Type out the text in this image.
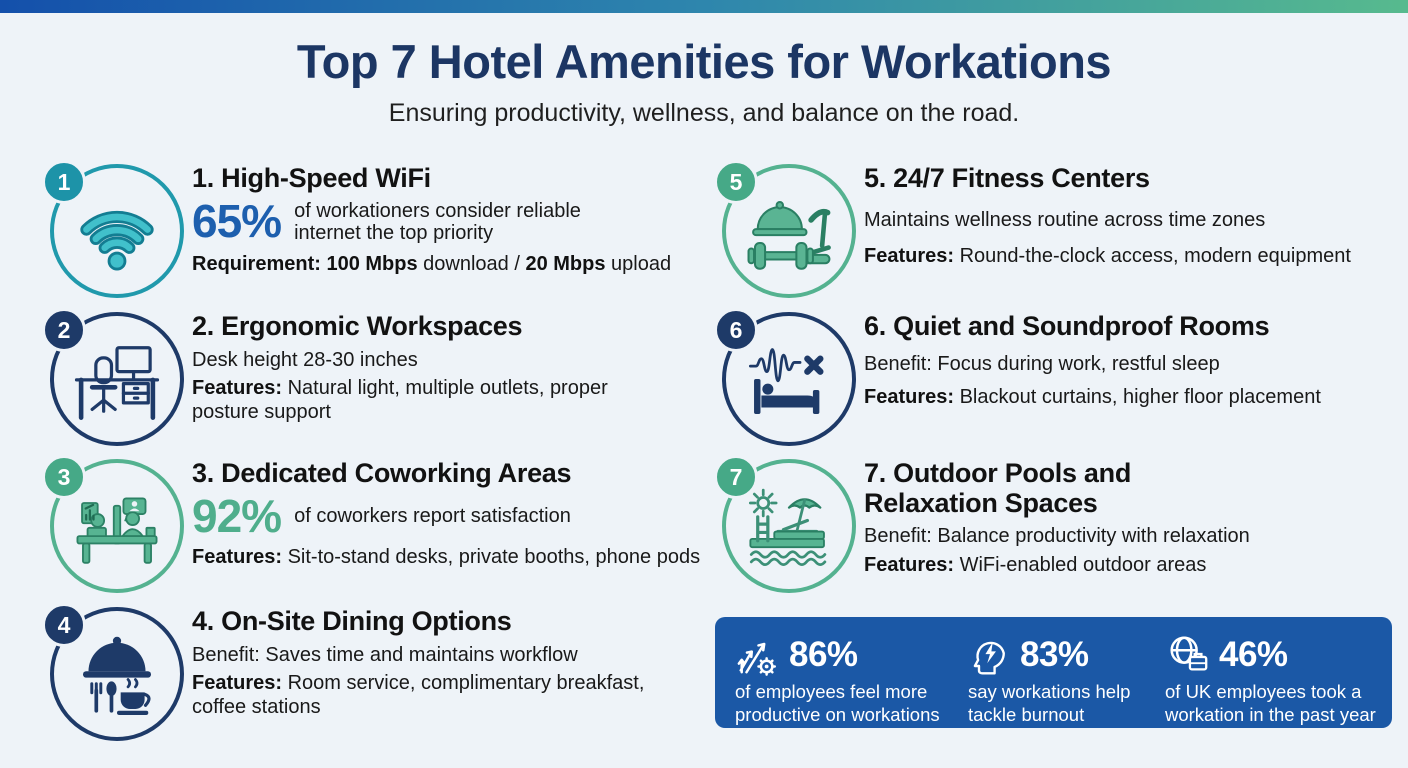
Top 7 Hotel Amenities for Workations

Ensuring productivity, wellness, and balance on the road.

1	1. High-Speed WiFi
65% of workationers consider reliable internet the top priority

Requirement: 100 Mbps download / 20 Mbps upload

2	2. Ergonomic Workspaces

Desk height 28-30 inches

Features: Natural light, multiple outlets, proper posture support

3	3. Dedicated Coworking Areas
92% of coworkers report satisfaction

Features: Sit-to-stand desks, private booths, phone pods

4	4. On-Site Dining Options

Benefit: Saves time and maintains workflow

Features: Room service, complimentary breakfast, coffee stations

5	5. 24/7 Fitness Centers

Maintains wellness routine across time zones

Features: Round-the-clock access, modern equipment

6	6. Quiet and Soundproof Rooms

Benefit: Focus during work, restful sleep

Features: Blackout curtains, higher floor placement

7	7. Outdoor Pools and Relaxation Spaces

Benefit: Balance productivity with relaxation

Features: WiFi-enabled outdoor areas

86%
of employees feel more productive on workations
83%
say workations help tackle burnout
46%
of UK employees took a workation in the past year
